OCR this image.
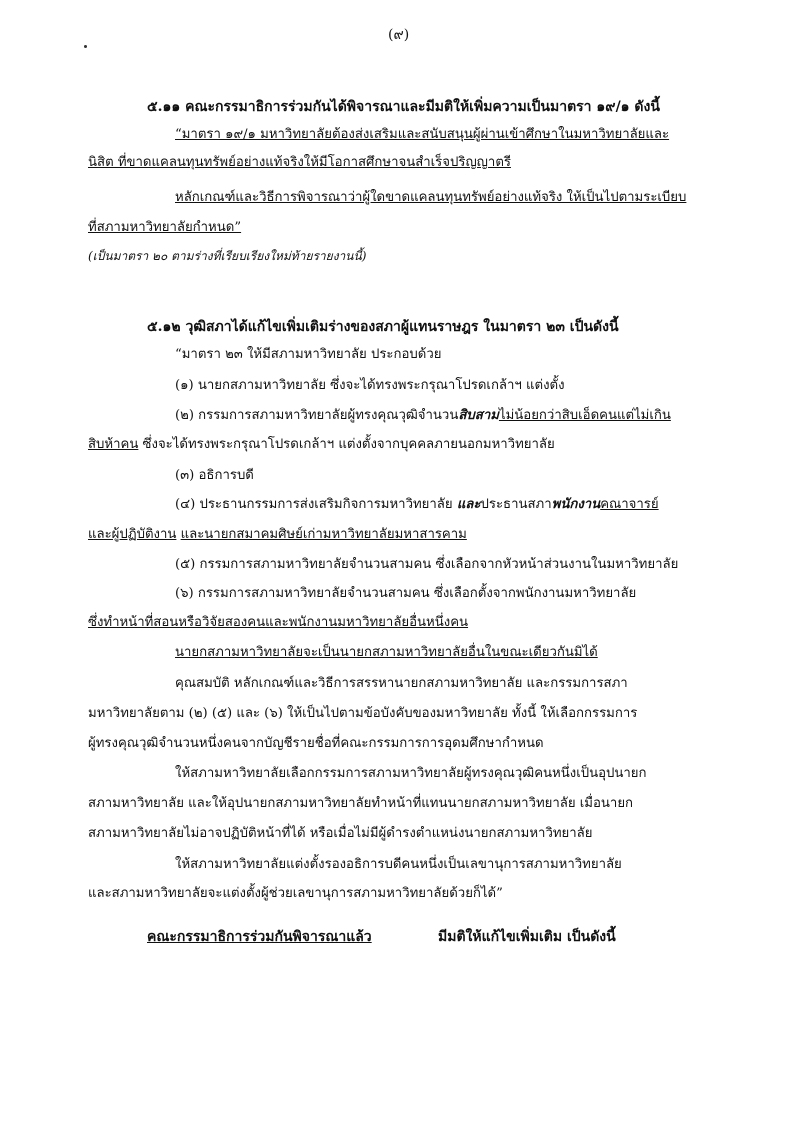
(๙)
๕.๑๑ คณะกรรมาธิการร่วมกันได้พิจารณาและมีมติให้เพิ่มความเป็นมาตรา ๑๙/๑ ดังนี้
“มาตรา ๑๙/๑ มหาวิทยาลัยต้องส่งเสริมและสนับสนุนผู้ผ่านเข้าศึกษาในมหาวิทยาลัยและ
นิสิต ที่ขาดแคลนทุนทรัพย์อย่างแท้จริงให้มีโอกาสศึกษาจนสำเร็จปริญญาตรี
หลักเกณฑ์และวิธีการพิจารณาว่าผู้ใดขาดแคลนทุนทรัพย์อย่างแท้จริง ให้เป็นไปตามระเบียบ
ที่สภามหาวิทยาลัยกำหนด”
(เป็นมาตรา ๒๐ ตามร่างที่เรียบเรียงใหม่ท้ายรายงานนี้)
๕.๑๒ วุฒิสภาได้แก้ไขเพิ่มเติมร่างของสภาผู้แทนราษฎร ในมาตรา ๒๓ เป็นดังนี้
“มาตรา ๒๓ ให้มีสภามหาวิทยาลัย ประกอบด้วย
(๑) นายกสภามหาวิทยาลัย ซึ่งจะได้ทรงพระกรุณาโปรดเกล้าฯ แต่งตั้ง
(๒) กรรมการสภามหาวิทยาลัยผู้ทรงคุณวุฒิจำนวนสิบสามไม่น้อยกว่าสิบเอ็ดคนแต่ไม่เกิน
สิบห้าคน ซึ่งจะได้ทรงพระกรุณาโปรดเกล้าฯ แต่งตั้งจากบุคคลภายนอกมหาวิทยาลัย
(๓) อธิการบดี
(๔) ประธานกรรมการส่งเสริมกิจการมหาวิทยาลัย และประธานสภาพนักงานคณาจารย์
และผู้ปฏิบัติงาน และนายกสมาคมศิษย์เก่ามหาวิทยาลัยมหาสารคาม
(๕) กรรมการสภามหาวิทยาลัยจำนวนสามคน ซึ่งเลือกจากหัวหน้าส่วนงานในมหาวิทยาลัย
(๖) กรรมการสภามหาวิทยาลัยจำนวนสามคน ซึ่งเลือกตั้งจากพนักงานมหาวิทยาลัย
ซึ่งทำหน้าที่สอนหรือวิจัยสองคนและพนักงานมหาวิทยาลัยอื่นหนึ่งคน
นายกสภามหาวิทยาลัยจะเป็นนายกสภามหาวิทยาลัยอื่นในขณะเดียวกันมิได้
คุณสมบัติ หลักเกณฑ์และวิธีการสรรหานายกสภามหาวิทยาลัย และกรรมการสภา
มหาวิทยาลัยตาม (๒) (๕) และ (๖) ให้เป็นไปตามข้อบังคับของมหาวิทยาลัย ทั้งนี้ ให้เลือกกรรมการ
ผู้ทรงคุณวุฒิจำนวนหนึ่งคนจากบัญชีรายชื่อที่คณะกรรมการการอุดมศึกษากำหนด
ให้สภามหาวิทยาลัยเลือกกรรมการสภามหาวิทยาลัยผู้ทรงคุณวุฒิคนหนึ่งเป็นอุปนายก
สภามหาวิทยาลัย และให้อุปนายกสภามหาวิทยาลัยทำหน้าที่แทนนายกสภามหาวิทยาลัย เมื่อนายก
สภามหาวิทยาลัยไม่อาจปฏิบัติหน้าที่ได้ หรือเมื่อไม่มีผู้ดำรงตำแหน่งนายกสภามหาวิทยาลัย
ให้สภามหาวิทยาลัยแต่งตั้งรองอธิการบดีคนหนึ่งเป็นเลขานุการสภามหาวิทยาลัย
และสภามหาวิทยาลัยจะแต่งตั้งผู้ช่วยเลขานุการสภามหาวิทยาลัยด้วยก็ได้”
คณะกรรมาธิการร่วมกันพิจารณาแล้ว	มีมติให้แก้ไขเพิ่มเติม เป็นดังนี้
